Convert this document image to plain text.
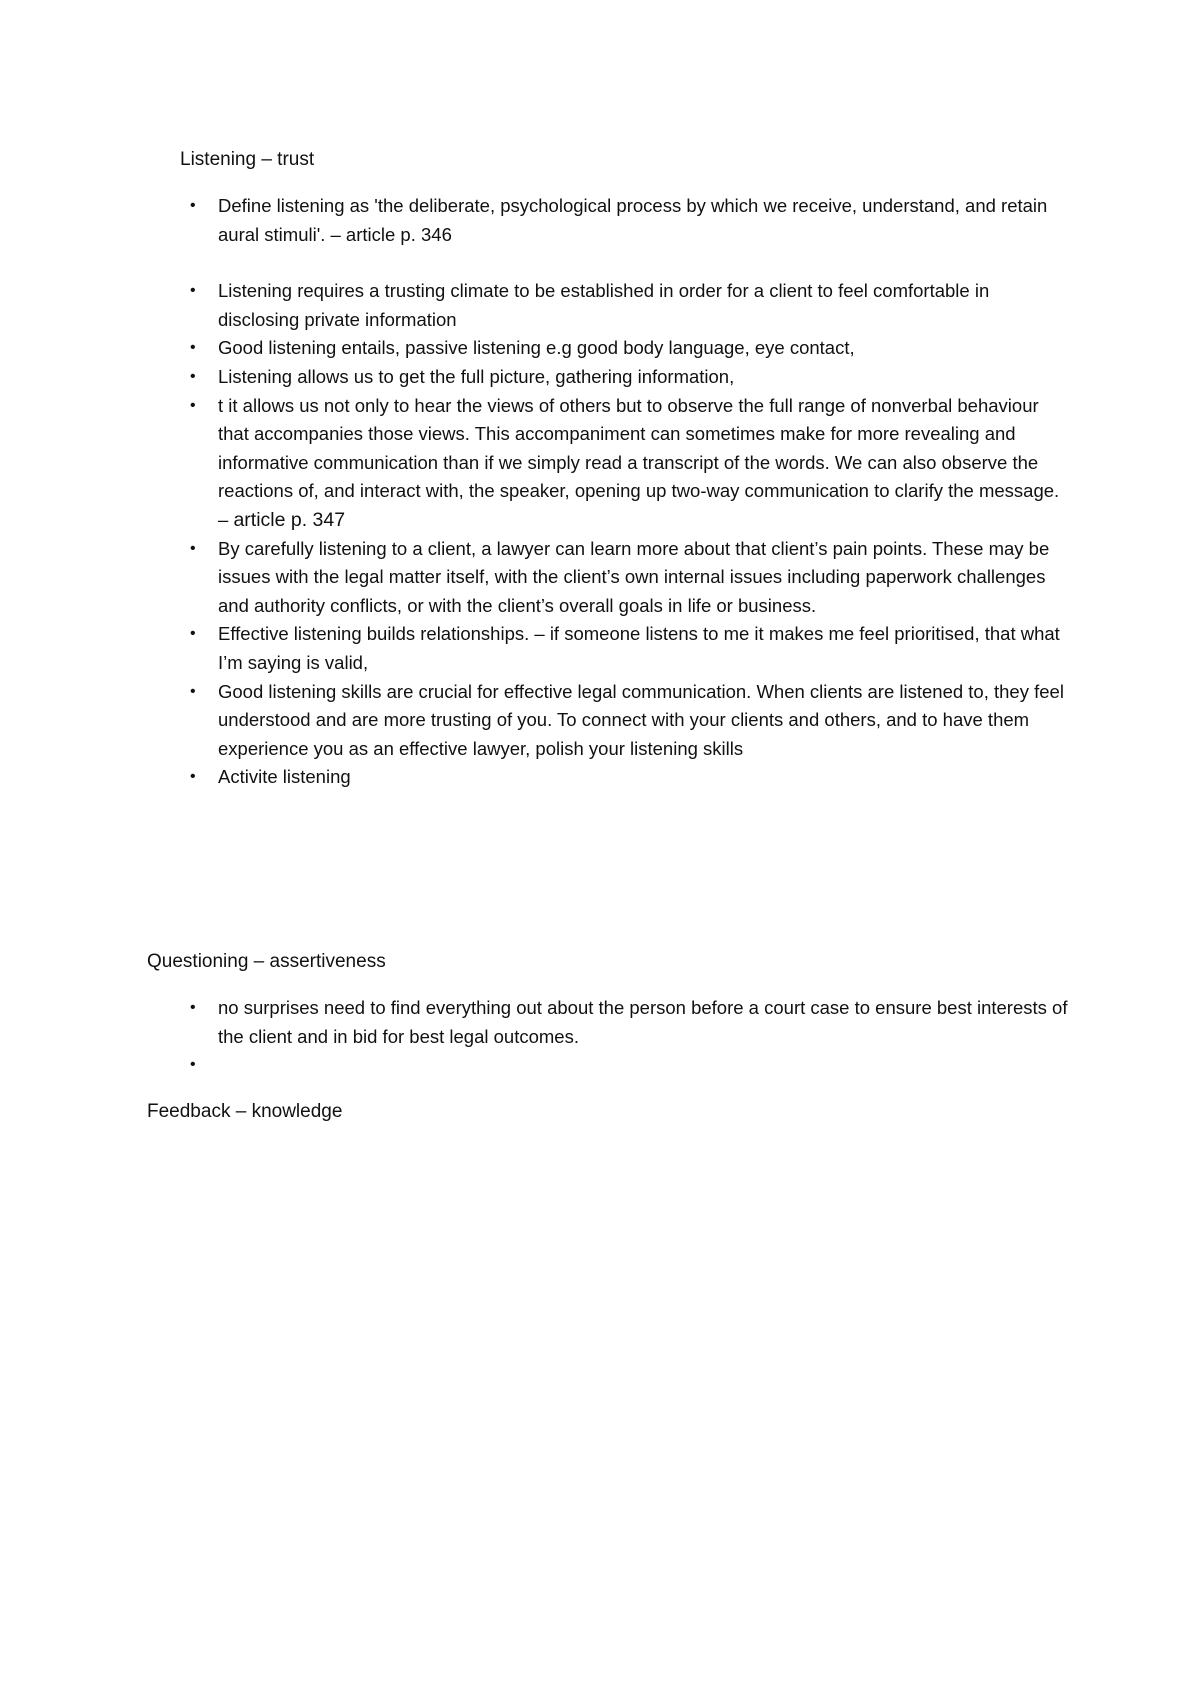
Listening – trust
•	Define listening as 'the deliberate, psychological process by which we receive, understand, and retain aural stimuli'. – article p. 346
•	Listening requires a trusting climate to be established in order for a client to feel comfortable in disclosing private information
•	Good listening entails, passive listening e.g good body language, eye contact,
•	Listening allows us to get the full picture, gathering information,
•	t it allows us not only to hear the views of others but to observe the full range of nonverbal behaviour that accompanies those views. This accompaniment can sometimes make for more revealing and informative communication than if we simply read a transcript of the words. We can also observe the reactions of, and interact with, the speaker, opening up two-way communication to clarify the message. – article p. 347
•	By carefully listening to a client, a lawyer can learn more about that client’s pain points. These may be issues with the legal matter itself, with the client’s own internal issues including paperwork challenges and authority conflicts, or with the client’s overall goals in life or business.
•	Effective listening builds relationships. – if someone listens to me it makes me feel prioritised, that what I’m saying is valid,
•	Good listening skills are crucial for effective legal communication. When clients are listened to, they feel understood and are more trusting of you. To connect with your clients and others, and to have them experience you as an effective lawyer, polish your listening skills
•	Activite listening
Questioning – assertiveness
•	no surprises need to find everything out about the person before a court case to ensure best interests of the client and in bid for best legal outcomes.
•

Feedback – knowledge
